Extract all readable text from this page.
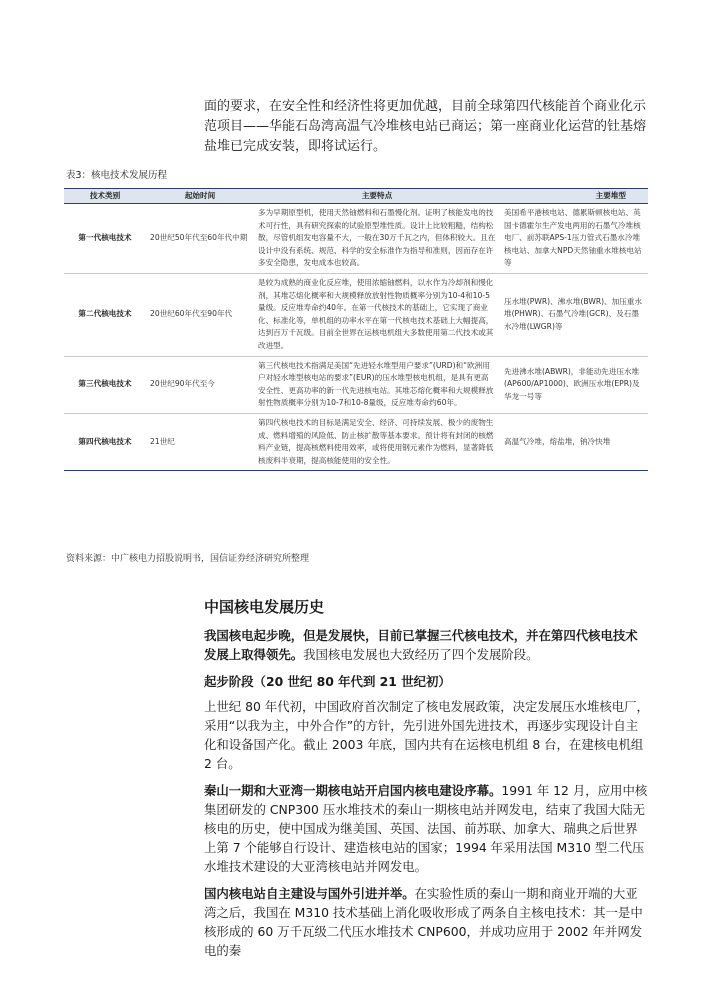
面的要求，在安全性和经济性将更加优越，目前全球第四代核能首个商业化示范项目——华能石岛湾高温气冷堆核电站已商运；第一座商业化运营的钍基熔盐堆已完成安装，即将试运行。

表3：核电技术发展历程
技术类别	起始时间	主要特点	主要堆型
第一代核电技术	20世纪50年代至60年代中期	多为早期原型机，使用天然铀燃料和石墨慢化剂。证明了核能发电的技术可行性，具有研究探索的试验原型堆性质。设计上比较粗糙，结构松散，尽管机组发电容量不大，一般在30万千瓦之内，但体积较大。且在设计中没有系统、规范、科学的安全标准作为指导和准则，因而存在许多安全隐患，发电成本也较高。	美国希平港核电站、德累斯顿核电站、英国卡德霍尔生产发电两用的石墨气冷堆核电厂、前苏联APS-1压力管式石墨水冷堆核电站、加拿大NPD天然铀重水堆核电站等
第二代核电技术	20世纪60年代至90年代	是较为成熟的商业化反应堆，使用浓缩铀燃料，以水作为冷却剂和慢化剂，其堆芯熔化概率和大规模释放放射性物质概率分别为10-4和10-5量级。反应堆寿命约40年。在第一代核技术的基础上，它实现了商业化、标准化等，单机组的功率水平在第一代核电技术基础上大幅提高，达到百万千瓦级。目前全世界在运核电机组大多数使用第二代技术或其改进型。	压水堆(PWR)、沸水堆(BWR)、加压重水堆(PHWR)、石墨气冷堆(GCR)、及石墨水冷堆(LWGR)等
第三代核电技术	20世纪90年代至今	第三代核电技术指满足美国“先进轻水堆型用户要求”(URD)和“欧洲用户对轻水堆型核电站的要求”(EUR)的压水堆型核电机组，是具有更高安全性、更高功率的新一代先进核电站。其堆芯熔化概率和大规模释放射性物质概率分别为10-7和10-8量级，反应堆寿命约60年。	先进沸水堆(ABWR)，非能动先进压水堆(AP600/AP1000)、欧洲压水堆(EPR)及华龙一号等
第四代核电技术	21世纪	第四代核电技术的目标是满足安全、经济、可持续发展、极少的废物生成、燃料增殖的风险低、防止核扩散等基本要求。预计将有封闭的核燃料产业链，提高核燃料使用效率，或将使用钢元素作为燃料，显著降低核废料半衰期，提高核能使用的安全性。	高温气冷堆，熔盐堆，钠冷快堆
资料来源：中广核电力招股说明书，国信证券经济研究所整理
中国核电发展历史

我国核电起步晚，但是发展快，目前已掌握三代核电技术，并在第四代核电技术发展上取得领先。我国核电发展也大致经历了四个发展阶段。

起步阶段（20 世纪 80 年代到 21 世纪初）

上世纪 80 年代初，中国政府首次制定了核电发展政策，决定发展压水堆核电厂，采用“以我为主，中外合作”的方针，先引进外国先进技术，再逐步实现设计自主化和设备国产化。截止 2003 年底，国内共有在运核电机组 8 台，在建核电机组 2 台。

秦山一期和大亚湾一期核电站开启国内核电建设序幕。1991 年 12 月，应用中核集团研发的 CNP300 压水堆技术的秦山一期核电站并网发电，结束了我国大陆无核电的历史，使中国成为继美国、英国、法国、前苏联、加拿大、瑞典之后世界上第 7 个能够自行设计、建造核电站的国家；1994 年采用法国 M310 型二代压水堆技术建设的大亚湾核电站并网发电。

国内核电站自主建设与国外引进并举。在实验性质的秦山一期和商业开端的大亚湾之后，我国在 M310 技术基础上消化吸收形成了两条自主核电技术：其一是中核形成的 60 万千瓦级二代压水堆技术 CNP600，并成功应用于 2002 年并网发电的秦
